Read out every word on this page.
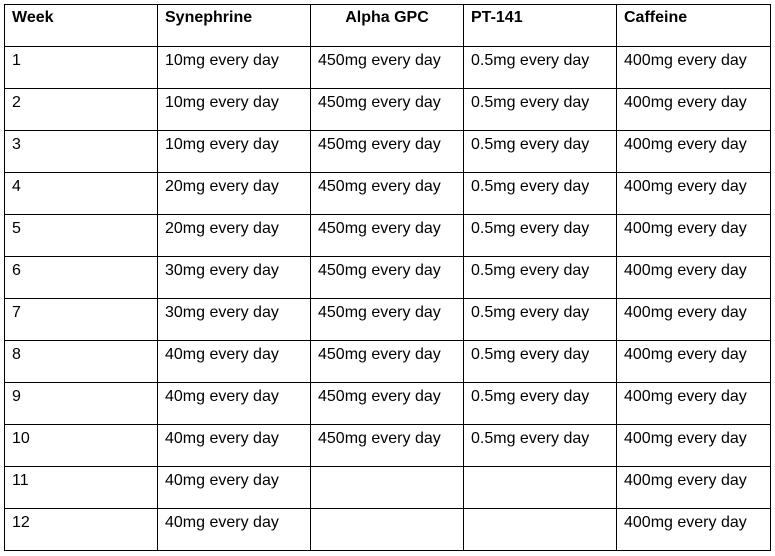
Week	Synephrine	Alpha GPC	PT-141	Caffeine
1	10mg every day	450mg every day	0.5mg every day	400mg every day
2	10mg every day	450mg every day	0.5mg every day	400mg every day
3	10mg every day	450mg every day	0.5mg every day	400mg every day
4	20mg every day	450mg every day	0.5mg every day	400mg every day
5	20mg every day	450mg every day	0.5mg every day	400mg every day
6	30mg every day	450mg every day	0.5mg every day	400mg every day
7	30mg every day	450mg every day	0.5mg every day	400mg every day
8	40mg every day	450mg every day	0.5mg every day	400mg every day
9	40mg every day	450mg every day	0.5mg every day	400mg every day
10	40mg every day	450mg every day	0.5mg every day	400mg every day
11	40mg every day			400mg every day
12	40mg every day			400mg every day
